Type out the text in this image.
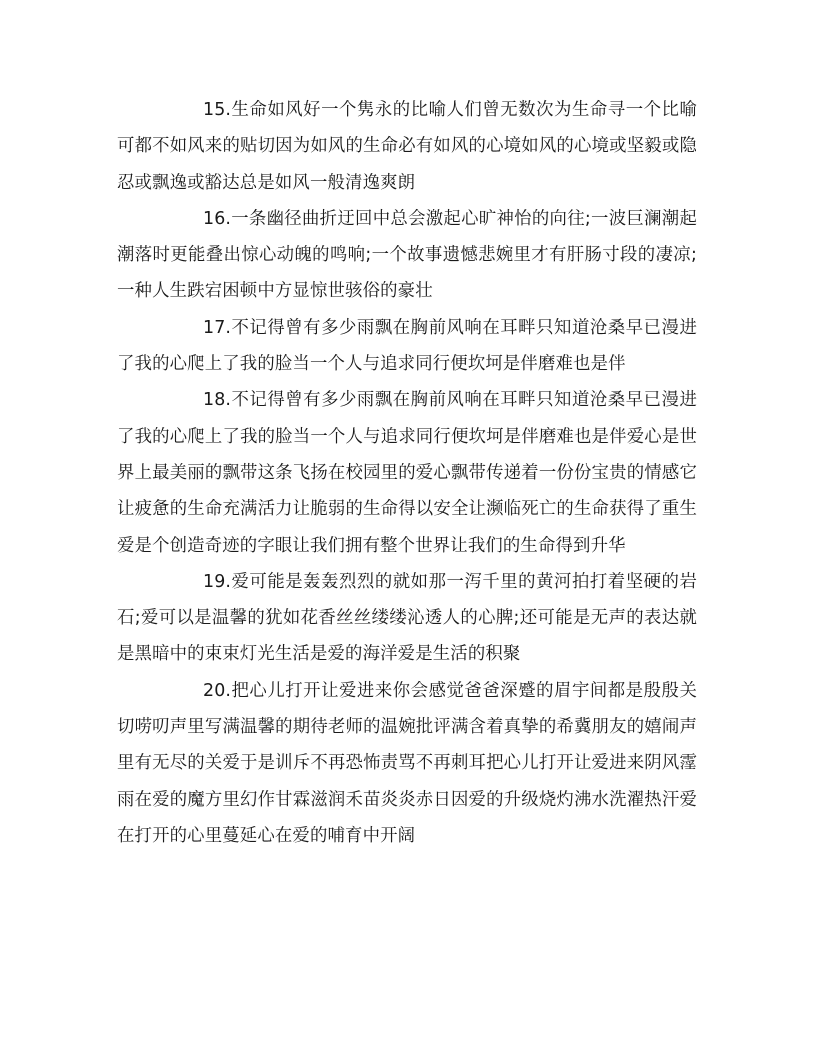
15.生命如风好一个隽永的比喻人们曾无数次为生命寻一个比喻可都不如风来的贴切因为如风的生命必有如风的心境如风的心境或坚毅或隐忍或飘逸或豁达总是如风一般清逸爽朗

16.一条幽径曲折迂回中总会激起心旷神怡的向往;一波巨澜潮起潮落时更能叠出惊心动魄的鸣响;一个故事遗憾悲婉里才有肝肠寸段的凄凉;一种人生跌宕困顿中方显惊世骇俗的豪壮

17.不记得曾有多少雨飘在胸前风响在耳畔只知道沧桑早已漫进了我的心爬上了我的脸当一个人与追求同行便坎坷是伴磨难也是伴

18.不记得曾有多少雨飘在胸前风响在耳畔只知道沧桑早已漫进了我的心爬上了我的脸当一个人与追求同行便坎坷是伴磨难也是伴爱心是世界上最美丽的飘带这条飞扬在校园里的爱心飘带传递着一份份宝贵的情感它让疲惫的生命充满活力让脆弱的生命得以安全让濒临死亡的生命获得了重生爱是个创造奇迹的字眼让我们拥有整个世界让我们的生命得到升华

19.爱可能是轰轰烈烈的就如那一泻千里的黄河拍打着坚硬的岩石;爱可以是温馨的犹如花香丝丝缕缕沁透人的心脾;还可能是无声的表达就是黑暗中的束束灯光生活是爱的海洋爱是生活的积聚

20.把心儿打开让爱进来你会感觉爸爸深蹙的眉宇间都是殷殷关切唠叨声里写满温馨的期待老师的温婉批评满含着真挚的希冀朋友的嬉闹声里有无尽的关爱于是训斥不再恐怖责骂不再刺耳把心儿打开让爱进来阴风霪雨在爱的魔方里幻作甘霖滋润禾苗炎炎赤日因爱的升级烧灼沸水洗濯热汗爱在打开的心里蔓延心在爱的哺育中开阔
